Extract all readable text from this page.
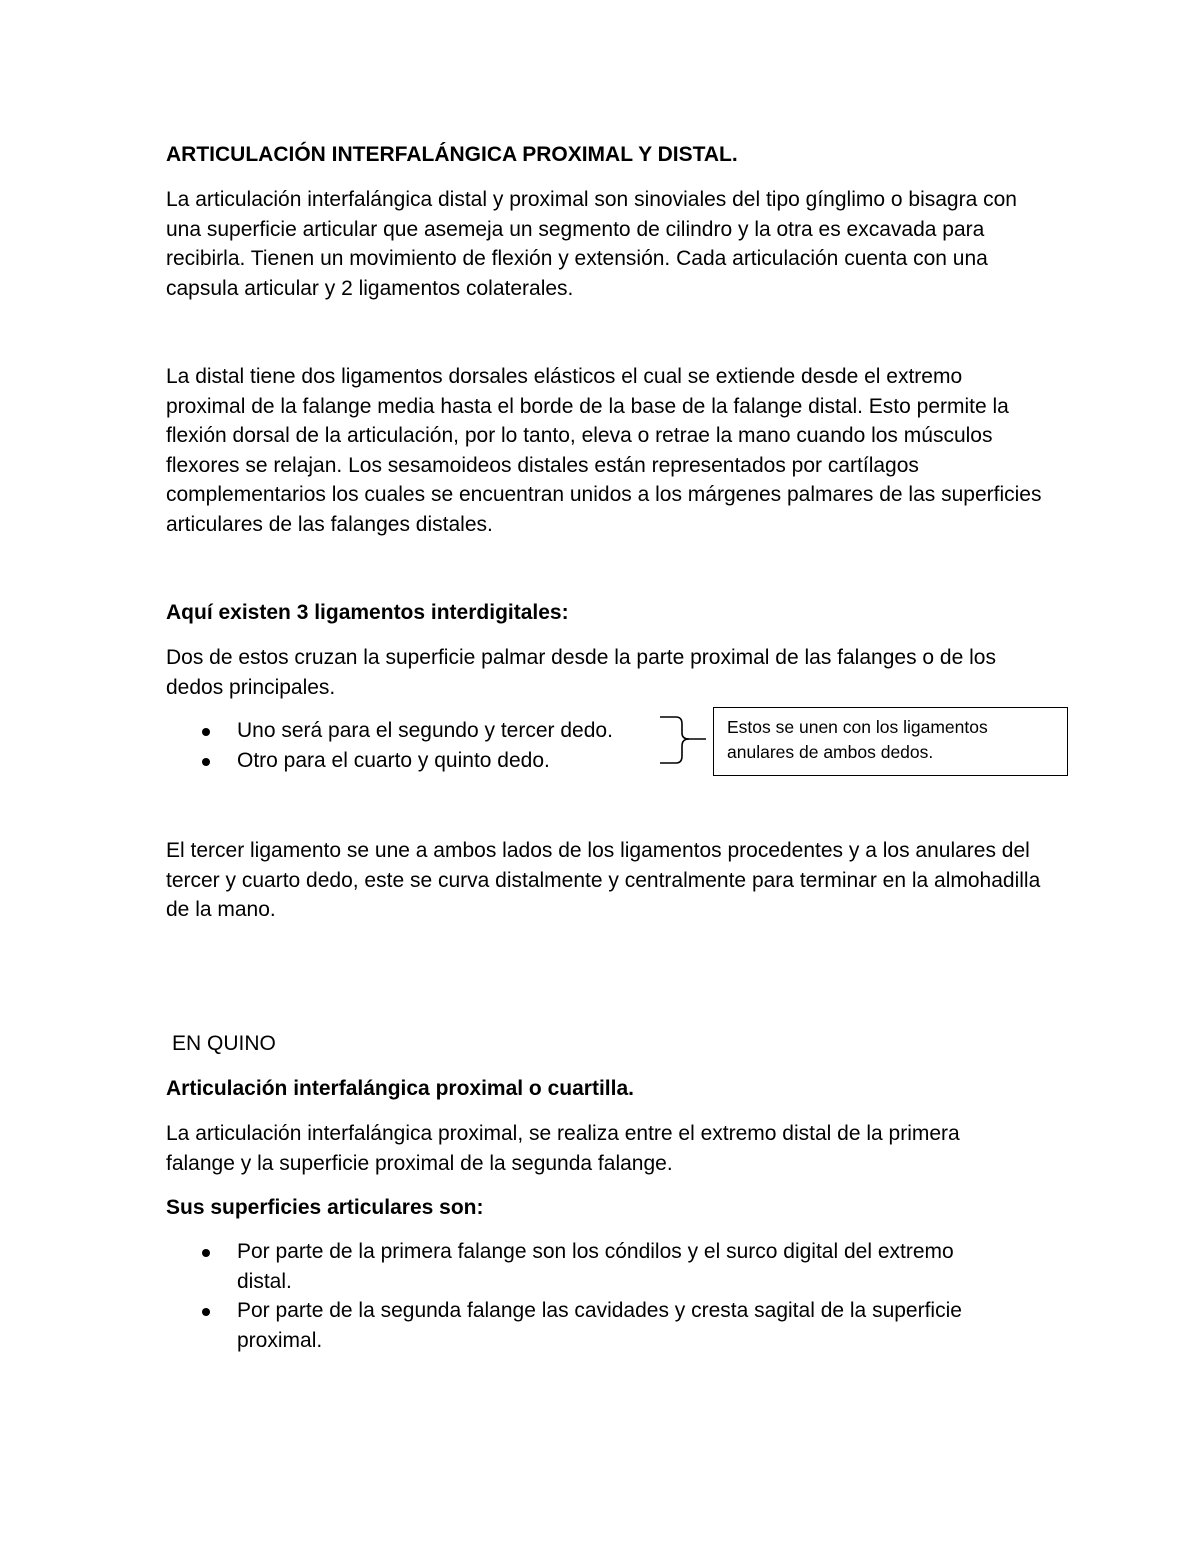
ARTICULACIÓN INTERFALÁNGICA PROXIMAL Y DISTAL.

La articulación interfalángica distal y proximal son sinoviales del tipo gínglimo o bisagra con una superficie articular que asemeja un segmento de cilindro y la otra es excavada para recibirla. Tienen un movimiento de flexión y extensión. Cada articulación cuenta con una capsula articular y 2 ligamentos colaterales.

La distal tiene dos ligamentos dorsales elásticos el cual se extiende desde el extremo proximal de la falange media hasta el borde de la base de la falange distal. Esto permite la flexión dorsal de la articulación, por lo tanto, eleva o retrae la mano cuando los músculos flexores se relajan. Los sesamoideos distales están representados por cartílagos complementarios los cuales se encuentran unidos a los márgenes palmares de las superficies articulares de las falanges distales.

Aquí existen 3 ligamentos interdigitales:

Dos de estos cruzan la superficie palmar desde la parte proximal de las falanges o de los dedos principales.

Uno será para el segundo y tercer dedo.
Otro para el cuarto y quinto dedo.
Estos se unen con los ligamentos anulares de ambos dedos.

El tercer ligamento se une a ambos lados de los ligamentos procedentes y a los anulares del tercer y cuarto dedo, este se curva distalmente y centralmente para terminar en la almohadilla de la mano.

EN QUINO
Articulación interfalángica proximal o cuartilla.

La articulación interfalángica proximal, se realiza entre el extremo distal de la primera falange y la superficie proximal de la segunda falange.

Sus superficies articulares son:
Por parte de la primera falange son los cóndilos y el surco digital del extremo distal.
Por parte de la segunda falange las cavidades y cresta sagital de la superficie proximal.
